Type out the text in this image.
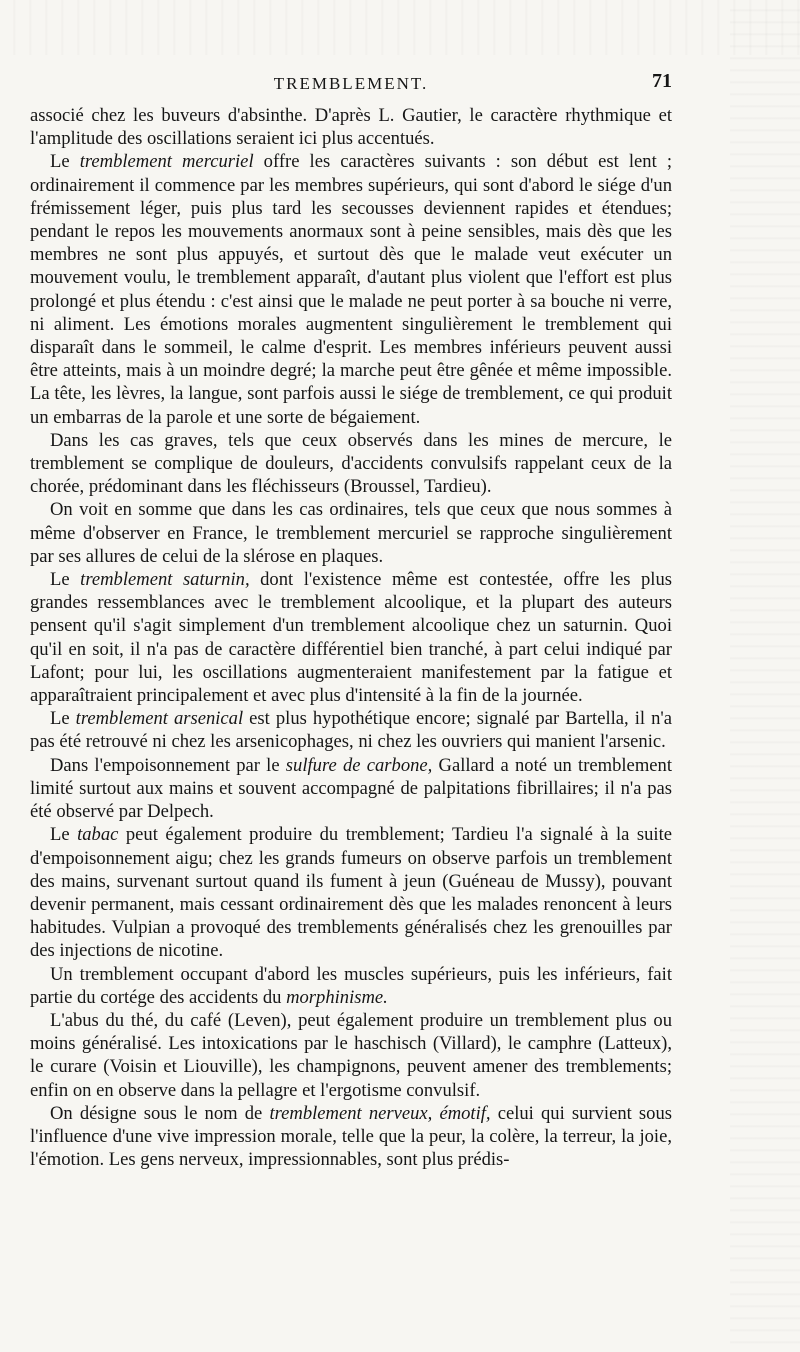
TREMBLEMENT.	71

associé chez les buveurs d'absinthe. D'après L. Gautier, le caractère rhythmique et l'amplitude des oscillations seraient ici plus accentués.

Le tremblement mercuriel offre les caractères suivants : son début est lent ; ordinairement il commence par les membres supérieurs, qui sont d'abord le siége d'un frémissement léger, puis plus tard les secousses deviennent rapides et étendues; pendant le repos les mouvements anormaux sont à peine sensibles, mais dès que les membres ne sont plus appuyés, et surtout dès que le malade veut exécuter un mouvement voulu, le tremblement apparaît, d'autant plus violent que l'effort est plus prolongé et plus étendu : c'est ainsi que le malade ne peut porter à sa bouche ni verre, ni aliment. Les émotions morales augmentent singulièrement le tremblement qui disparaît dans le sommeil, le calme d'esprit. Les membres inférieurs peuvent aussi être atteints, mais à un moindre degré; la marche peut être gênée et même impossible. La tête, les lèvres, la langue, sont parfois aussi le siége de tremblement, ce qui produit un embarras de la parole et une sorte de bégaiement.

Dans les cas graves, tels que ceux observés dans les mines de mercure, le tremblement se complique de douleurs, d'accidents convulsifs rappelant ceux de la chorée, prédominant dans les fléchisseurs (Broussel, Tardieu).

On voit en somme que dans les cas ordinaires, tels que ceux que nous sommes à même d'observer en France, le tremblement mercuriel se rapproche singulièrement par ses allures de celui de la slérose en plaques.

Le tremblement saturnin, dont l'existence même est contestée, offre les plus grandes ressemblances avec le tremblement alcoolique, et la plupart des auteurs pensent qu'il s'agit simplement d'un tremblement alcoolique chez un saturnin. Quoi qu'il en soit, il n'a pas de caractère différentiel bien tranché, à part celui indiqué par Lafont; pour lui, les oscillations augmenteraient manifestement par la fatigue et apparaîtraient principalement et avec plus d'intensité à la fin de la journée.

Le tremblement arsenical est plus hypothétique encore; signalé par Bartella, il n'a pas été retrouvé ni chez les arsenicophages, ni chez les ouvriers qui manient l'arsenic.

Dans l'empoisonnement par le sulfure de carbone, Gallard a noté un tremblement limité surtout aux mains et souvent accompagné de palpitations fibrillaires; il n'a pas été observé par Delpech.

Le tabac peut également produire du tremblement; Tardieu l'a signalé à la suite d'empoisonnement aigu; chez les grands fumeurs on observe parfois un tremblement des mains, survenant surtout quand ils fument à jeun (Guéneau de Mussy), pouvant devenir permanent, mais cessant ordinairement dès que les malades renoncent à leurs habitudes. Vulpian a provoqué des tremblements généralisés chez les grenouilles par des injections de nicotine.

Un tremblement occupant d'abord les muscles supérieurs, puis les inférieurs, fait partie du cortége des accidents du morphinisme.

L'abus du thé, du café (Leven), peut également produire un tremblement plus ou moins généralisé. Les intoxications par le haschisch (Villard), le camphre (Latteux), le curare (Voisin et Liouville), les champignons, peuvent amener des tremblements; enfin on en observe dans la pellagre et l'ergotisme convulsif.

On désigne sous le nom de tremblement nerveux, émotif, celui qui survient sous l'influence d'une vive impression morale, telle que la peur, la colère, la terreur, la joie, l'émotion. Les gens nerveux, impressionnables, sont plus prédis-
